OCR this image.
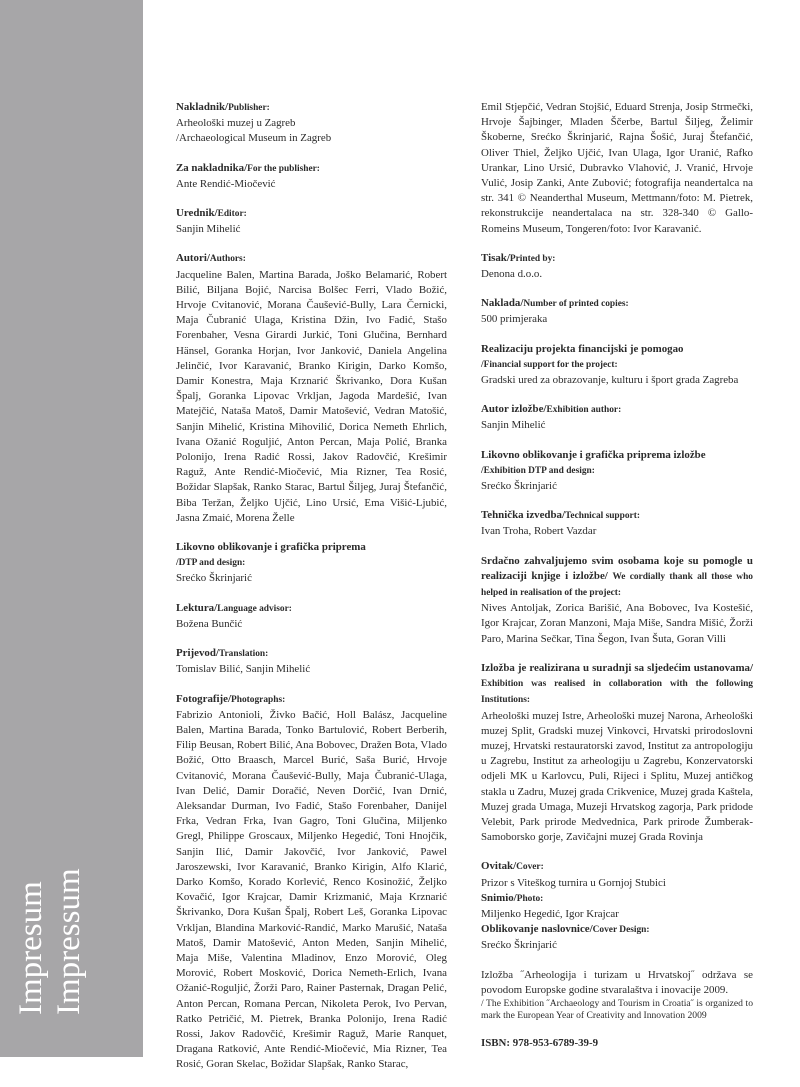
Impresum Impressum
Nakladnik/Publisher:
Arheološki muzej u Zagreb
/Archaeological Museum in Zagreb
Za nakladnika/For the publisher:
Ante Rendić-Miočević
Urednik/Editor:
Sanjin Mihelić
Autori/Authors:
Jacqueline Balen, Martina Barada, Joško Belamarić, Robert Bilić, Biljana Bojić, Narcisa Bolšec Ferri, Vlado Božić, Hrvoje Cvitanović, Morana Čaušević-Bully, Lara Černicki, Maja Čubranić Ulaga, Kristina Džin, Ivo Fadić, Stašo Forenbaher, Vesna Girardi Jurkić, Toni Glučina, Bernhard Hänsel, Goranka Horjan, Ivor Janković, Daniela Angelina Jelinčić, Ivor Karavanić, Branko Kirigin, Darko Komšo, Damir Konestra, Maja Krznarić Škrivanko, Dora Kušan Špalj, Goranka Lipovac Vrkljan, Jagoda Mardešić, Ivan Matejčić, Nataša Matoš, Damir Matošević, Vedran Matošić, Sanjin Mihelić, Kristina Mihovilić, Dorica Nemeth Ehrlich, Ivana Ožanić Roguljić, Anton Percan, Maja Polić, Branka Polonijo, Irena Radić Rossi, Jakov Radovčić, Krešimir Raguž, Ante Rendić-Miočević, Mia Rizner, Tea Rosić, Božidar Slapšak, Ranko Starac, Bartul Šiljeg, Juraj Štefančić, Biba Teržan, Željko Ujčić, Lino Ursić, Ema Višić-Ljubić, Jasna Zmaić, Morena Želle
Likovno oblikovanje i grafička priprema
/DTP and design:
Srećko Škrinjarić
Lektura/Language advisor:
Božena Bunčić
Prijevod/Translation:
Tomislav Bilić, Sanjin Mihelić
Fotografije/Photographs:
Fabrizio Antonioli, Živko Bačić, Holl Balász, Jacqueline Balen, Martina Barada, Tonko Bartulović, Robert Berberih, Filip Beusan, Robert Bilić, Ana Bobovec, Dražen Bota, Vlado Božić, Otto Braasch, Marcel Burić, Saša Burić, Hrvoje Cvitanović, Morana Čaušević-Bully, Maja Čubranić-Ulaga, Ivan Delić, Damir Doračić, Neven Dorčić, Ivan Drnić, Aleksandar Durman, Ivo Fadić, Stašo Forenbaher, Danijel Frka, Vedran Frka, Ivan Gagro, Toni Glučina, Miljenko Gregl, Philippe Groscaux, Miljenko Hegedić, Toni Hnojčik, Sanjin Ilić, Damir Jakovčić, Ivor Janković, Pawel Jaroszewski, Ivor Karavanić, Branko Kirigin, Alfo Klarić, Darko Komšo, Korado Korlević, Renco Kosinožić, Željko Kovačić, Igor Krajcar, Damir Krizmanić, Maja Krznarić Škrivanko, Dora Kušan Špalj, Robert Leš, Goranka Lipovac Vrkljan, Blandina Marković-Randić, Marko Marušić, Nataša Matoš, Damir Matošević, Anton Meden, Sanjin Mihelić, Maja Miše, Valentina Mladinov, Enzo Morović, Oleg Morović, Robert Mosković, Dorica Nemeth-Erlich, Ivana Ožanić-Roguljić, Žorži Paro, Rainer Pasternak, Dragan Pelić, Anton Percan, Romana Percan, Nikoleta Perok, Ivo Pervan, Ratko Petričić, M. Pietrek, Branka Polonijo, Irena Radić Rossi, Jakov Radovčić, Krešimir Raguž, Marie Ranquet, Dragana Ratković, Ante Rendić-Miočević, Mia Rizner, Tea Rosić, Goran Skelac, Božidar Slapšak, Ranko Starac,
Emil Stjepčić, Vedran Stojšić, Eduard Strenja, Josip Strmečki, Hrvoje Šajbinger, Mladen Ščerbe, Bartul Šiljeg, Želimir Škoberne, Srećko Škrinjarić, Rajna Šošić, Juraj Štefančić, Oliver Thiel, Željko Ujčić, Ivan Ulaga, Igor Uranić, Rafko Urankar, Lino Ursić, Dubravko Vlahović, J. Vranić, Hrvoje Vulić, Josip Zanki, Ante Zubović; fotografija neandertalca na str. 341 © Neanderthal Museum, Mettmann/foto: M. Pietrek, rekonstrukcije neandertalaca na str. 328-340 © Gallo-Romeins Museum, Tongeren/foto: Ivor Karavanić.
Tisak/Printed by:
Denona d.o.o.
Naklada/Number of printed copies:
500 primjeraka
Realizaciju projekta financijski je pomogao
/Financial support for the project:
Gradski ured za obrazovanje, kulturu i šport grada Zagreba
Autor izložbe/Exhibition author:
Sanjin Mihelić
Likovno oblikovanje i grafička priprema izložbe
/Exhibition DTP and design:
Srećko Škrinjarić
Tehnička izvedba/Technical support:
Ivan Troha, Robert Vazdar
Srdačno zahvaljujemo svim osobama koje su pomogle u realizaciji knjige i izložbe/ We cordially thank all those who helped in realisation of the project:
Nives Antoljak, Zorica Barišić, Ana Bobovec, Iva Kostešić, Igor Krajcar, Zoran Manzoni, Maja Miše, Sandra Mišić, Žorži Paro, Marina Sečkar, Tina Šegon, Ivan Šuta, Goran Villi
Izložba je realizirana u suradnji sa sljedećim ustanovama/ Exhibition was realised in collaboration with the following Institutions:
Arheološki muzej Istre, Arheološki muzej Narona, Arheološki muzej Split, Gradski muzej Vinkovci, Hrvatski prirodoslovni muzej, Hrvatski restauratorski zavod, Institut za antropologiju u Zagrebu, Institut za arheologiju u Zagrebu, Konzervatorski odjeli MK u Karlovcu, Puli, Rijeci i Splitu, Muzej antičkog stakla u Zadru, Muzej grada Crikvenice, Muzej grada Kaštela, Muzej grada Umaga, Muzeji Hrvatskog zagorja, Park pridode Velebit, Park prirode Medvednica, Park prirode Žumberak-Samoborsko gorje, Zavičajni muzej Grada Rovinja
Ovitak/Cover:
Prizor s Viteškog turnira u Gornjoj Stubici
Snimio/Photo:
Miljenko Hegedić, Igor Krajcar
Oblikovanje naslovnice/Cover Design:
Srećko Škrinjarić
Izložba ˝Arheologija i turizam u Hrvatskoj˝ održava se povodom Europske godine stvaralaštva i inovacije 2009.
/ The Exhibition ˝Archaeology and Tourism in Croatia˝ is organized to mark the European Year of Creativity and Innovation 2009
ISBN: 978-953-6789-39-9
